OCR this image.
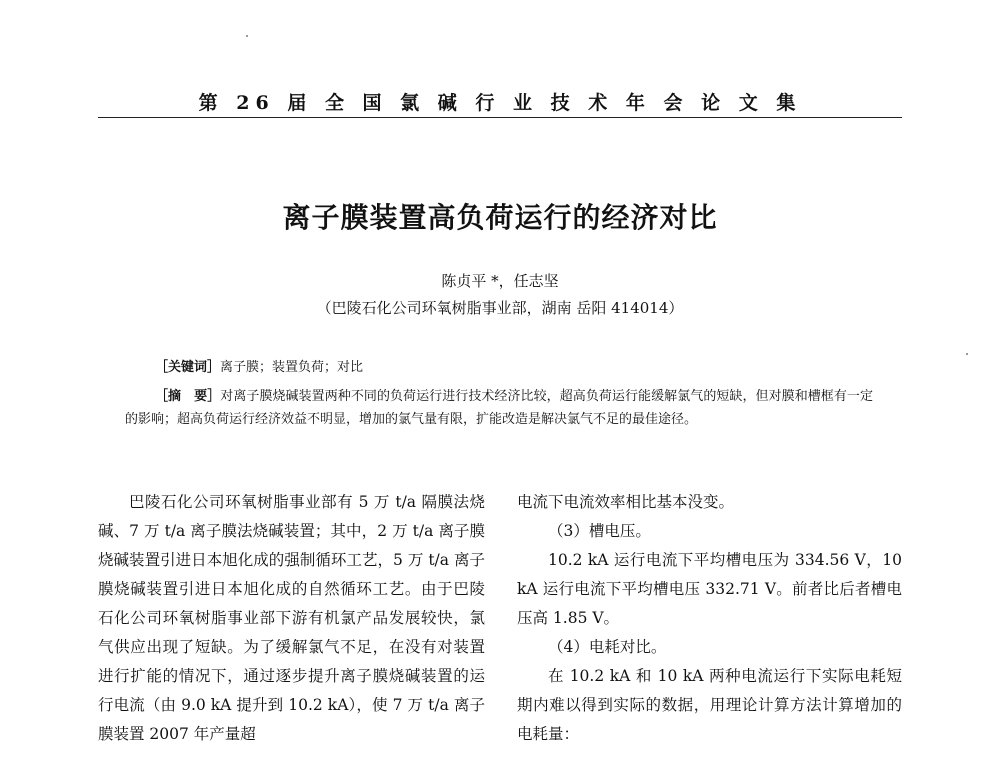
第 26 届 全 国 氯 碱 行 业 技 术 年 会 论 文 集
离子膜装置高负荷运行的经济对比
陈贞平 *，任志坚
（巴陵石化公司环氧树脂事业部，湖南 岳阳 414014）
［关键词］离子膜；装置负荷；对比
［摘　要］对离子膜烧碱装置两种不同的负荷运行进行技术经济比较，超高负荷运行能缓解氯气的短缺，但对膜和槽框有一定的影响；超高负荷运行经济效益不明显，增加的氯气量有限，扩能改造是解决氯气不足的最佳途径。

巴陵石化公司环氧树脂事业部有 5 万 t/a 隔膜法烧碱、7 万 t/a 离子膜法烧碱装置；其中，2 万 t/a 离子膜烧碱装置引进日本旭化成的强制循环工艺，5 万 t/a 离子膜烧碱装置引进日本旭化成的自然循环工艺。由于巴陵石化公司环氧树脂事业部下游有机氯产品发展较快，氯气供应出现了短缺。为了缓解氯气不足，在没有对装置进行扩能的情况下，通过逐步提升离子膜烧碱装置的运行电流（由 9.0 kA 提升到 10.2 kA），使 7 万 t/a 离子膜装置 2007 年产量超

电流下电流效率相比基本没变。

（3）槽电压。

10.2 kA 运行电流下平均槽电压为 334.56 V，10 kA 运行电流下平均槽电压 332.71 V。前者比后者槽电压高 1.85 V。

（4）电耗对比。

在 10.2 kA 和 10 kA 两种电流运行下实际电耗短期内难以得到实际的数据，用理论计算方法计算增加的电耗量：
